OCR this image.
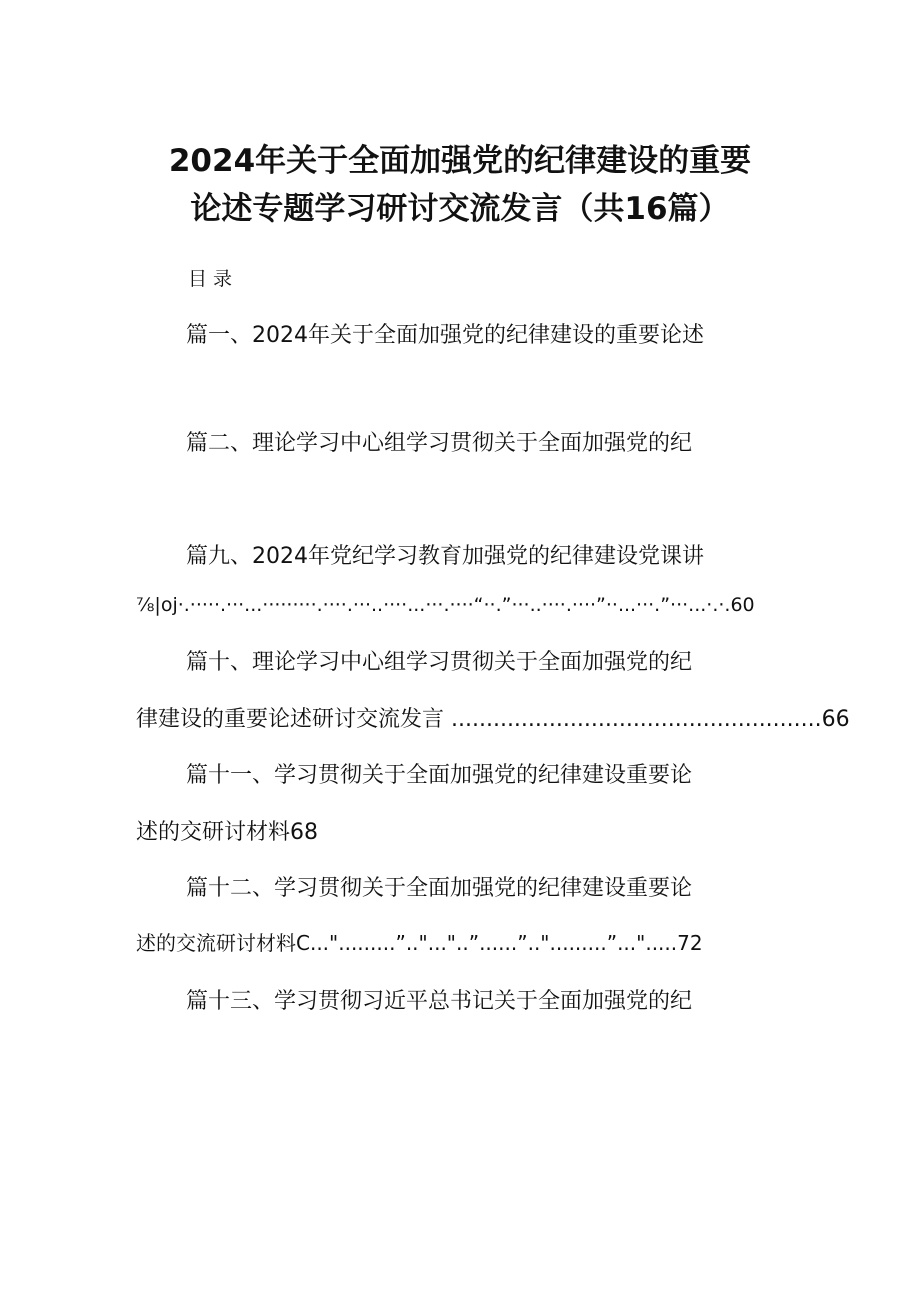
2024年关于全面加强党的纪律建设的重要
论述专题学习研讨交流发言（共16篇）
目录
篇一、2024年关于全面加强党的纪律建设的重要论述
篇二、理论学习中心组学习贯彻关于全面加强党的纪
篇九、2024年党纪学习教育加强党的纪律建设党课讲
⅞|oj·.·····.···...·········.····.···..····...···.····“··.”···..····.····”··...···.”···...·.·.60
篇十、理论学习中心组学习贯彻关于全面加强党的纪
律建设的重要论述研讨交流发言 .....................................................66
篇十一、学习贯彻关于全面加强党的纪律建设重要论
述的交研讨材料68
篇十二、学习贯彻关于全面加强党的纪律建设重要论
述的交流研讨材料C...".........”.."..."..”......”..".........”...".....72
篇十三、学习贯彻习近平总书记关于全面加强党的纪
